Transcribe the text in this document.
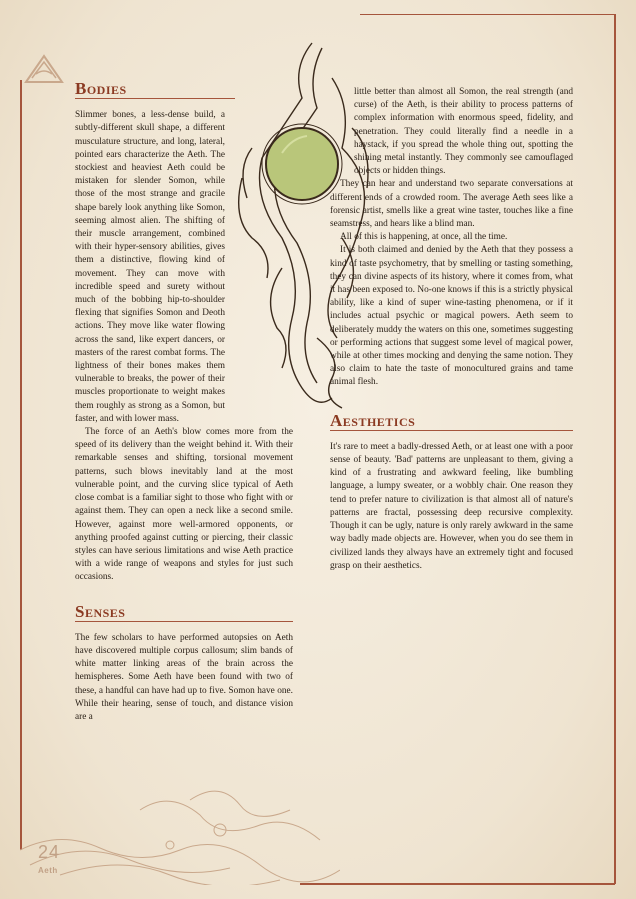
Bodies

Slimmer bones, a less-dense build, a subtly-different skull shape, a different musculature structure, and long, lateral, pointed ears characterize the Aeth. The stockiest and heaviest Aeth could be mistaken for slender Somon, while those of the most strange and gracile shape barely look anything like Somon, seeming almost alien. The shifting of their muscle arrangement, combined with their hyper-sensory abilities, gives them a distinctive, flowing kind of movement. They can move with incredible speed and surety without much of the bobbing hip-to-shoulder flexing that signifies Somon and Deoth actions. They move like water flowing across the sand, like expert dancers, or masters of the rarest combat forms. The lightness of their bones makes them vulnerable to breaks, the power of their muscles proportionate to weight makes them roughly as strong as a Somon, but faster, and with lower mass.

The force of an Aeth's blow comes more from the speed of its delivery than the weight behind it. With their remarkable senses and shifting, torsional movement patterns, such blows inevitably land at the most vulnerable point, and the curving slice typical of Aeth close combat is a familiar sight to those who fight with or against them. They can open a neck like a second smile. However, against more well-armored opponents, or anything proofed against cutting or piercing, their classic styles can have serious limitations and wise Aeth practice with a wide range of weapons and styles for just such occasions.

Senses

The few scholars to have performed autopsies on Aeth have discovered multiple corpus callosum; slim bands of white matter linking areas of the brain across the hemispheres. Some Aeth have been found with two of these, a handful can have had up to five. Somon have one. While their hearing, sense of touch, and distance vision are a

little better than almost all Somon, the real strength (and curse) of the Aeth, is their ability to process patterns of complex information with enormous speed, fidelity, and penetration. They could literally find a needle in a haystack, if you spread the whole thing out, spotting the shining metal instantly. They commonly see camouflaged objects or hidden things.

They can hear and understand two separate conversations at different ends of a crowded room. The average Aeth sees like a forensic artist, smells like a great wine taster, touches like a fine seamstress, and hears like a blind man.

All of this is happening, at once, all the time.

It is both claimed and denied by the Aeth that they possess a kind of taste psychometry, that by smelling or tasting something, they can divine aspects of its history, where it comes from, what it has been exposed to. No-one knows if this is a strictly physical ability, like a kind of super wine-tasting phenomena, or if it includes actual psychic or magical powers. Aeth seem to deliberately muddy the waters on this one, sometimes suggesting or performing actions that suggest some level of magical power, while at other times mocking and denying the same notion. They also claim to hate the taste of monocultured grains and tame animal flesh.

Aesthetics

It's rare to meet a badly-dressed Aeth, or at least one with a poor sense of beauty. 'Bad' patterns are unpleasant to them, giving a kind of a frustrating and awkward feeling, like bumbling language, a lumpy sweater, or a wobbly chair. One reason they tend to prefer nature to civilization is that almost all of nature's patterns are fractal, possessing deep recursive complexity. Though it can be ugly, nature is only rarely awkward in the same way badly made objects are. However, when you do see them in civilized lands they always have an extremely tight and focused grasp on their aesthetics.

24
Aeth
